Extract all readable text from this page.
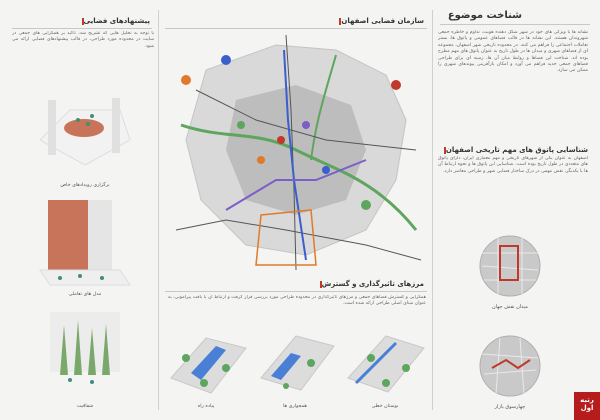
شناخت موضوع
نشانه ها با ویژگی های خود در شهر شکل دهنده هویت، تداوم و خاطره جمعی شهروندان هستند. این نشانه ها در قالب فضاهای عمومی و پاتوق ها، بستر تعاملات اجتماعی را فراهم می کنند. در محدوده تاریخی شهر اصفهان، مجموعه ای از فضاهای شهری و میدان ها در طول تاریخ به عنوان پاتوق های مهم مطرح بوده اند. شناخت این فضاها و روابط میان آن ها، زمینه ای برای طراحی فضاهای جمعی جدید فراهم می آورد و امکان بازآفرینی پیوندهای شهری را ممکن می سازد.
شناسایی پاتوق های مهم تاریخی اصفهان
اصفهان به عنوان یکی از شهرهای تاریخی و مهم معماری ایران، دارای پاتوق های متعددی در طول تاریخ بوده است. شناسایی این پاتوق ها و نحوه ارتباط آن ها با یکدیگر، نقش مهمی در درک ساختار فضایی شهر و طراحی معاصر دارد.
میدان نقش جهان
چهارسوق بازار
پیشنهادهای فضایی
با توجه به تحلیل هایی که تشریح شد، تاکید بر همگرایی های جمعی در سایت در محدوده مورد طراحی، در قالب پیشنهادهای فضایی ارائه می شود.
برگزاری رویدادهای خاص
مدل های تعاملی
شفافیت
سازمان فضایی اصفهان
مرزهای تاثیرگذاری و گسترش
همگرایی و گسترش فضاهای جمعی و مرزهای تاثیرگذاری در محدوده طراحی مورد بررسی قرار گرفت و ارتباط آن با بافت پیرامونی، به عنوان مبنای اصلی طراحی ارائه شده است.
پیاده راه	همجواری ها	بوستان خطی
رتبه اول
